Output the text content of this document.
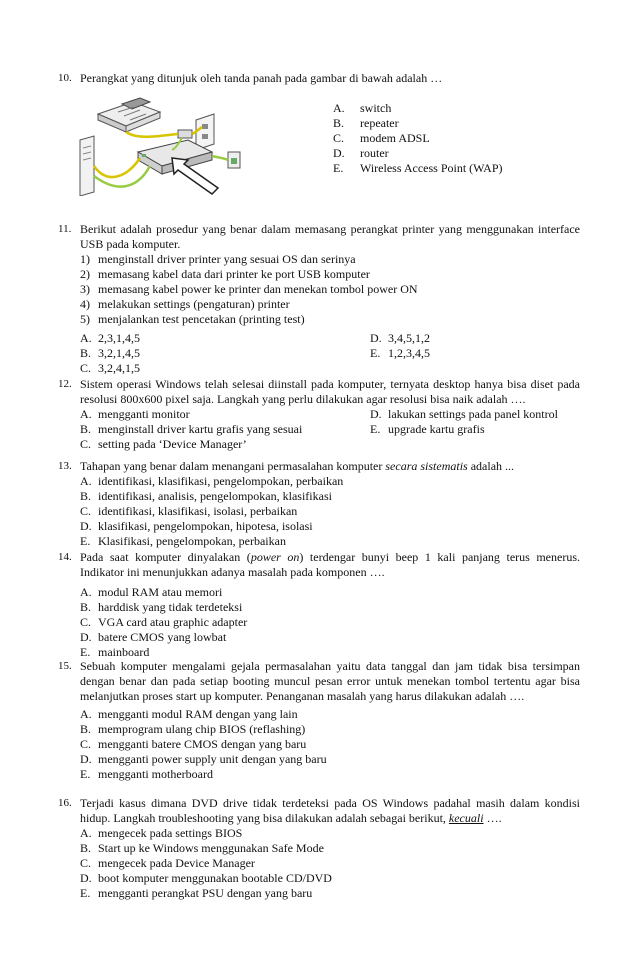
10. Perangkat yang ditunjuk oleh tanda panah pada gambar di bawah adalah …
A.	switch
B.	repeater
C.	modem ADSL
D.	router
E.	Wireless Access Point (WAP)
11. Berikut adalah prosedur yang benar dalam memasang perangkat printer yang menggunakan interface USB pada komputer.
1) menginstall driver printer yang sesuai OS dan serinya
2) memasang kabel data dari printer ke port USB komputer
3) memasang kabel power ke printer dan menekan tombol power ON
4) melakukan settings (pengaturan) printer
5) menjalankan test pencetakan (printing test)
A. 2,3,1,4,5	D. 3,4,5,1,2
B. 3,2,1,4,5	E. 1,2,3,4,5
C. 3,2,4,1,5
12. Sistem operasi Windows telah selesai diinstall pada komputer, ternyata desktop hanya bisa diset pada resolusi 800x600 pixel saja. Langkah yang perlu dilakukan agar resolusi bisa naik adalah ….
A. mengganti monitor	D. lakukan settings pada panel kontrol
B. menginstall driver kartu grafis yang sesuai	E. upgrade kartu grafis
C. setting pada ‘Device Manager’
13. Tahapan yang benar dalam menangani permasalahan komputer secara sistematis adalah ...
A. identifikasi, klasifikasi, pengelompokan, perbaikan
B. identifikasi, analisis, pengelompokan, klasifikasi
C. identifikasi, klasifikasi, isolasi, perbaikan
D. klasifikasi, pengelompokan, hipotesa, isolasi
E. Klasifikasi, pengelompokan, perbaikan
14. Pada saat komputer dinyalakan (power on) terdengar bunyi beep 1 kali panjang terus menerus. Indikator ini menunjukkan adanya masalah pada komponen ….
A. modul RAM atau memori
B. harddisk yang tidak terdeteksi
C. VGA card atau graphic adapter
D. batere CMOS yang lowbat
E. mainboard
15. Sebuah komputer mengalami gejala permasalahan yaitu data tanggal dan jam tidak bisa tersimpan dengan benar dan pada setiap booting muncul pesan error untuk menekan tombol tertentu agar bisa melanjutkan proses start up komputer. Penanganan masalah yang harus dilakukan adalah ….
A. mengganti modul RAM dengan yang lain
B. memprogram ulang chip BIOS (reflashing)
C. mengganti batere CMOS dengan yang baru
D. mengganti power supply unit dengan yang baru
E. mengganti motherboard
16. Terjadi kasus dimana DVD drive tidak terdeteksi pada OS Windows padahal masih dalam kondisi hidup. Langkah troubleshooting yang bisa dilakukan adalah sebagai berikut, kecuali ….
A. mengecek pada settings BIOS
B. Start up ke Windows menggunakan Safe Mode
C. mengecek pada Device Manager
D. boot komputer menggunakan bootable CD/DVD
E. mengganti perangkat PSU dengan yang baru
